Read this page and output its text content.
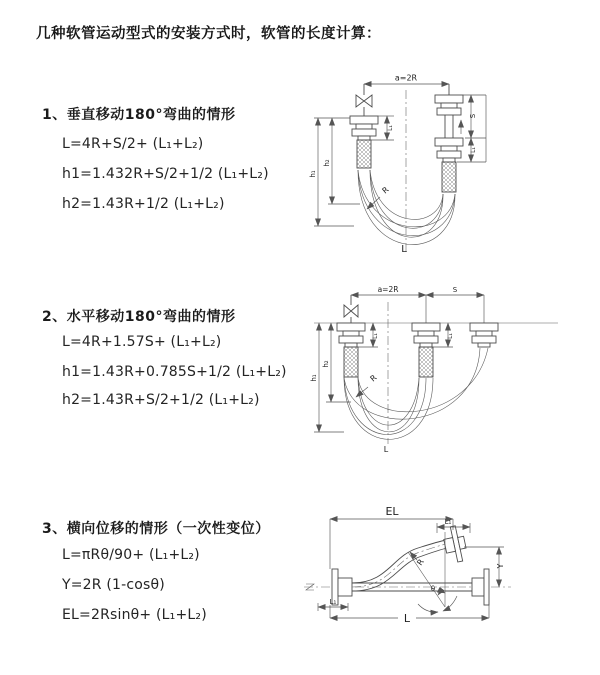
几种软管运动型式的安装方式时，软管的长度计算：
1、垂直移动180°弯曲的情形
L=4R+S/2+ (L₁+L₂)
h1=1.432R+S/2+1/2 (L₁+L₂)
h2=1.43R+1/2 (L₁+L₂)
2、水平移动180°弯曲的情形
L=4R+1.57S+ (L₁+L₂)
h1=1.43R+0.785S+1/2 (L₁+L₂)
h2=1.43R+S/2+1/2 (L₁+L₂)
3、横向位移的情形（一次性变位）
L=πRθ/90+ (L₁+L₂)
Y=2R (1-cosθ)
EL=2Rsinθ+ (L₁+L₂)
a=2R
h₁
h₂
L₁
S
L₁
R
L
a=2R	S
L₁	L₁
h₁
h₂
R
L
EL
L₁
Y
R
θ
L
L₁
